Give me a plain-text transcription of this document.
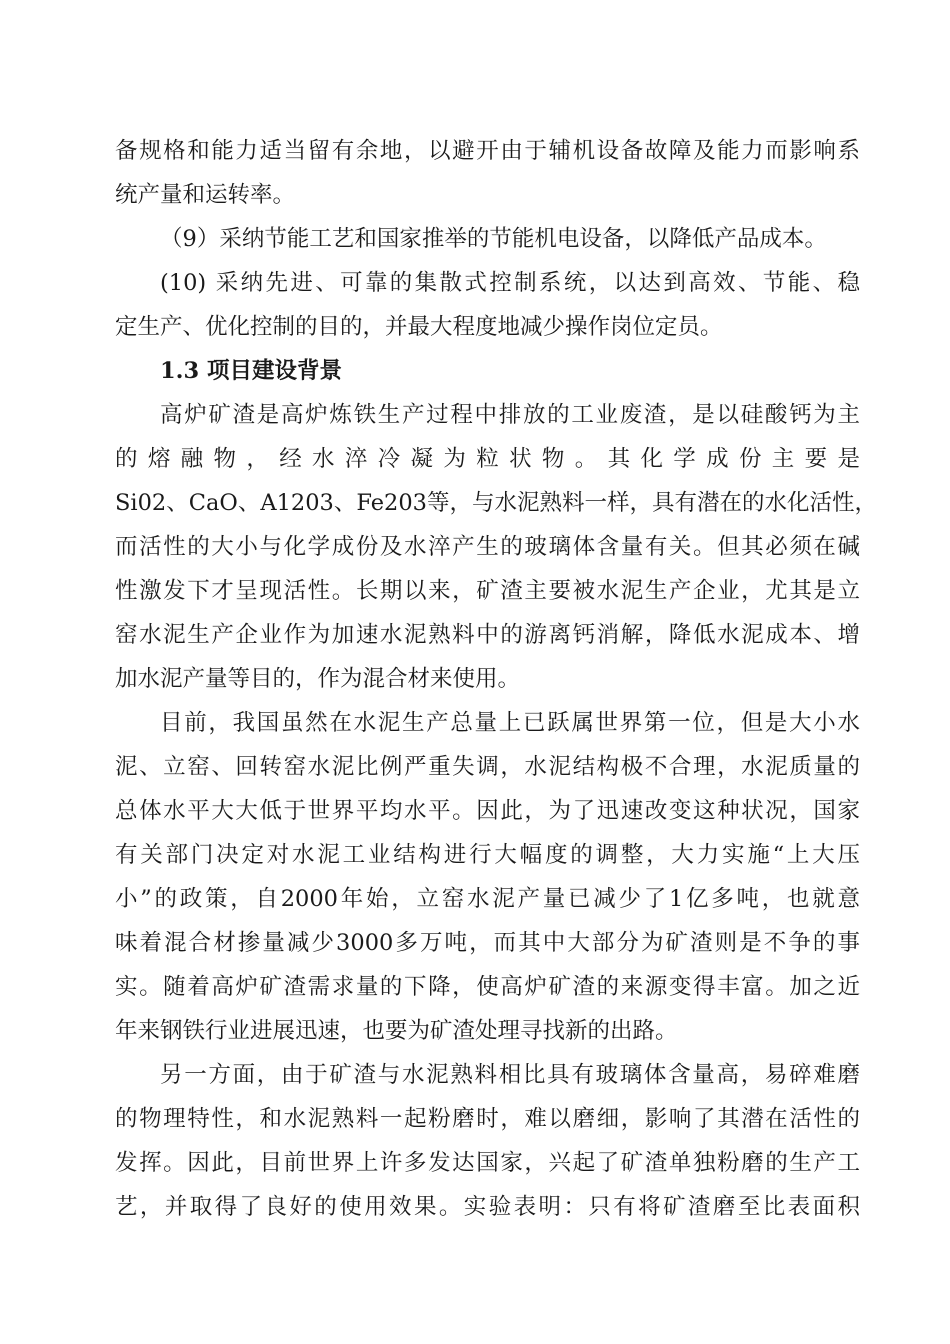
备规格和能力适当留有余地，以避开由于辅机设备故障及能力而影响系
统产量和运转率。
（9）采纳节能工艺和国家推举的节能机电设备，以降低产品成本。
(10) 采纳先进、可靠的集散式控制系统，以达到高效、节能、稳
定生产、优化控制的目的，并最大程度地减少操作岗位定员。
1.3 项目建设背景
高炉矿渣是高炉炼铁生产过程中排放的工业废渣，是以硅酸钙为主
的熔融物，经水淬冷凝为粒状物。其化学成份主要是
Si02、CaO、A1203、Fe203等，与水泥熟料一样，具有潜在的水化活性，
而活性的大小与化学成份及水淬产生的玻璃体含量有关。但其必须在碱
性激发下才呈现活性。长期以来，矿渣主要被水泥生产企业，尤其是立
窑水泥生产企业作为加速水泥熟料中的游离钙消解，降低水泥成本、增
加水泥产量等目的，作为混合材来使用。
目前，我国虽然在水泥生产总量上已跃属世界第一位，但是大小水
泥、立窑、回转窑水泥比例严重失调，水泥结构极不合理，水泥质量的
总体水平大大低于世界平均水平。因此，为了迅速改变这种状况，国家
有关部门决定对水泥工业结构进行大幅度的调整，大力实施“上大压
小”的政策，自2000年始，立窑水泥产量已减少了1亿多吨，也就意
味着混合材掺量减少3000多万吨，而其中大部分为矿渣则是不争的事
实。随着高炉矿渣需求量的下降，使高炉矿渣的来源变得丰富。加之近
年来钢铁行业进展迅速，也要为矿渣处理寻找新的出路。
另一方面，由于矿渣与水泥熟料相比具有玻璃体含量高，易碎难磨
的物理特性，和水泥熟料一起粉磨时，难以磨细，影响了其潜在活性的
发挥。因此，目前世界上许多发达国家，兴起了矿渣单独粉磨的生产工
艺，并取得了良好的使用效果。实验表明：只有将矿渣磨至比表面积
